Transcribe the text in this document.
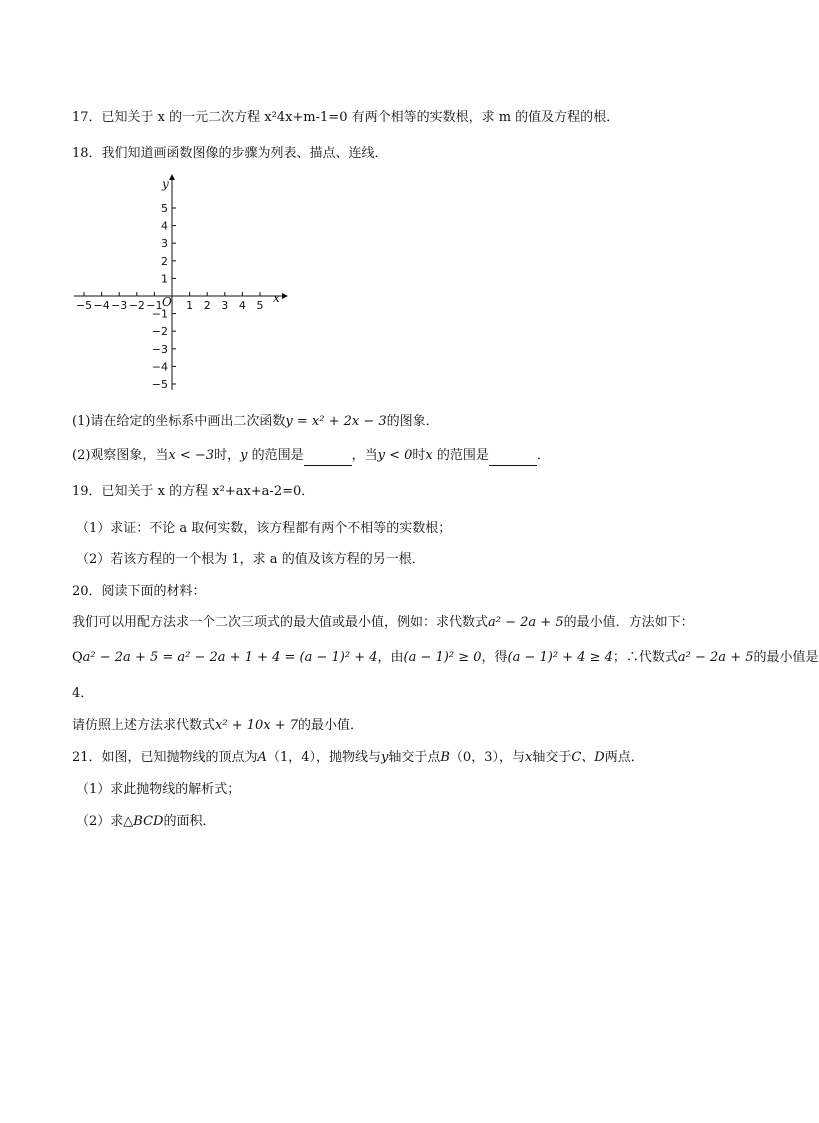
17．已知关于 x 的一元二次方程 x²4x+m-1=0 有两个相等的实数根，求 m 的值及方程的根．
18．我们知道画函数图像的步骤为列表、描点、连线．
−5 −4 −3 −2 −1 1 2 3 4 5
5
4
3
2
1
−1
−2
−3
−4
−5
x
y
O
(1)请在给定的坐标系中画出二次函数y = x² + 2x − 3的图象．
(2)观察图象，当x < −3时，y 的范围是	，当y < 0时x 的范围是	．
19．已知关于 x 的方程 x²+ax+a-2=0．
（1）求证：不论 a 取何实数，该方程都有两个不相等的实数根；
（2）若该方程的一个根为 1，求 a 的值及该方程的另一根．
20．阅读下面的材料：
我们可以用配方法求一个二次三项式的最大值或最小值，例如：求代数式a² − 2a + 5的最小值．方法如下：
Qa² − 2a + 5 = a² − 2a + 1 + 4 = (a − 1)² + 4，由(a − 1)² ≥ 0，得(a − 1)² + 4 ≥ 4；∴代数式a² − 2a + 5的最小值是
4．
请仿照上述方法求代数式x² + 10x + 7的最小值．
21．如图，已知抛物线的顶点为A（1，4），抛物线与y轴交于点B（0，3），与x轴交于C、D两点．
（1）求此抛物线的解析式；
（2）求△BCD的面积．
